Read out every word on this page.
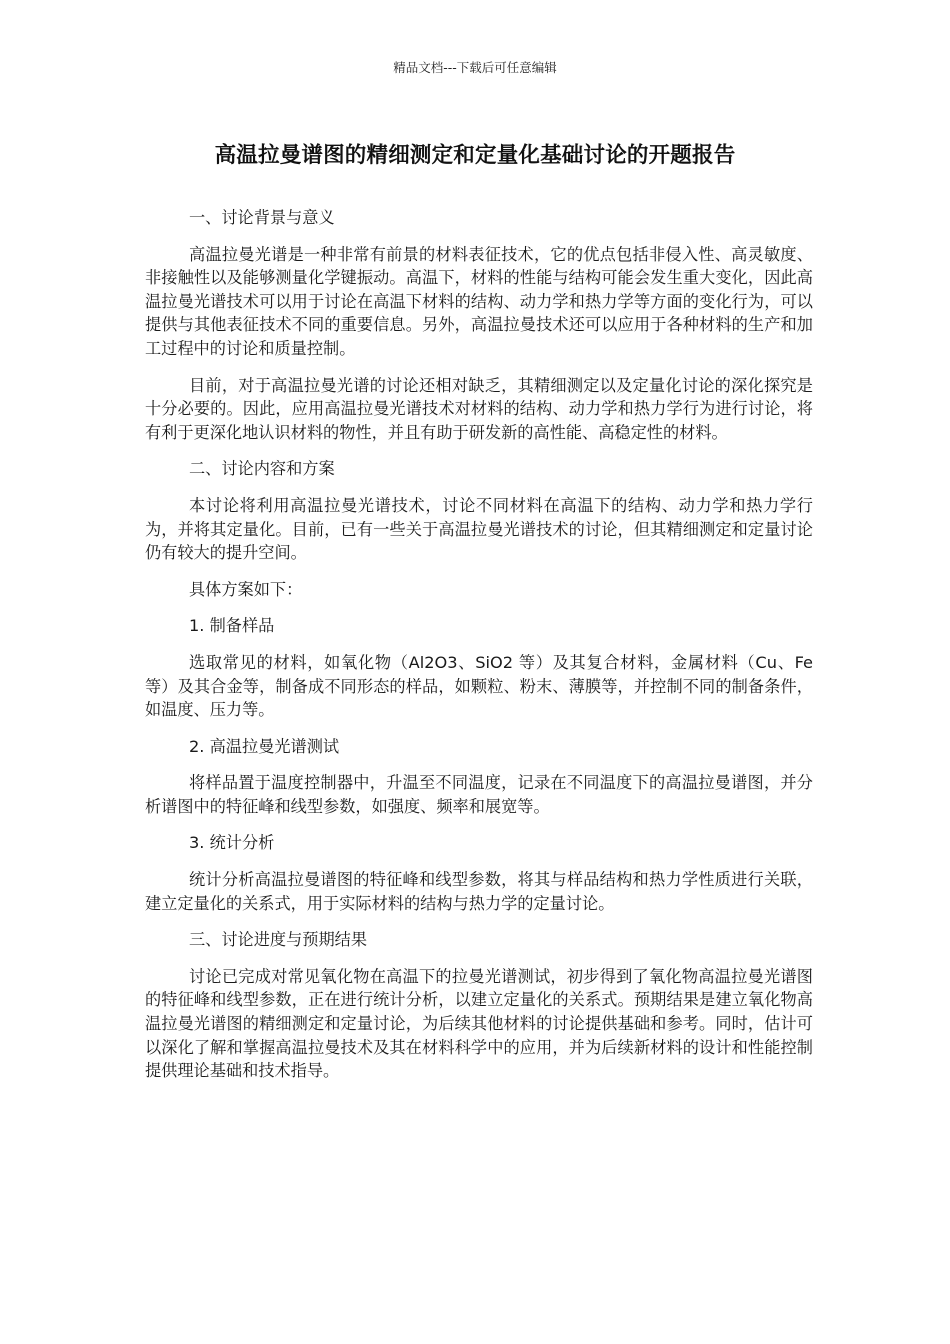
精品文档---下载后可任意编辑
高温拉曼谱图的精细测定和定量化基础讨论的开题报告

一、讨论背景与意义

高温拉曼光谱是一种非常有前景的材料表征技术，它的优点包括非侵入性、高灵敏度、非接触性以及能够测量化学键振动。高温下，材料的性能与结构可能会发生重大变化，因此高温拉曼光谱技术可以用于讨论在高温下材料的结构、动力学和热力学等方面的变化行为，可以提供与其他表征技术不同的重要信息。另外，高温拉曼技术还可以应用于各种材料的生产和加工过程中的讨论和质量控制。

目前，对于高温拉曼光谱的讨论还相对缺乏，其精细测定以及定量化讨论的深化探究是十分必要的。因此，应用高温拉曼光谱技术对材料的结构、动力学和热力学行为进行讨论，将有利于更深化地认识材料的物性，并且有助于研发新的高性能、高稳定性的材料。

二、讨论内容和方案

本讨论将利用高温拉曼光谱技术，讨论不同材料在高温下的结构、动力学和热力学行为，并将其定量化。目前，已有一些关于高温拉曼光谱技术的讨论，但其精细测定和定量讨论仍有较大的提升空间。

具体方案如下：

1. 制备样品

选取常见的材料，如氧化物（Al2O3、SiO2 等）及其复合材料，金属材料（Cu、Fe 等）及其合金等，制备成不同形态的样品，如颗粒、粉末、薄膜等，并控制不同的制备条件，如温度、压力等。

2. 高温拉曼光谱测试

将样品置于温度控制器中，升温至不同温度，记录在不同温度下的高温拉曼谱图，并分析谱图中的特征峰和线型参数，如强度、频率和展宽等。

3. 统计分析

统计分析高温拉曼谱图的特征峰和线型参数，将其与样品结构和热力学性质进行关联，建立定量化的关系式，用于实际材料的结构与热力学的定量讨论。

三、讨论进度与预期结果

讨论已完成对常见氧化物在高温下的拉曼光谱测试，初步得到了氧化物高温拉曼光谱图的特征峰和线型参数，正在进行统计分析，以建立定量化的关系式。预期结果是建立氧化物高温拉曼光谱图的精细测定和定量讨论，为后续其他材料的讨论提供基础和参考。同时，估计可以深化了解和掌握高温拉曼技术及其在材料科学中的应用，并为后续新材料的设计和性能控制提供理论基础和技术指导。
